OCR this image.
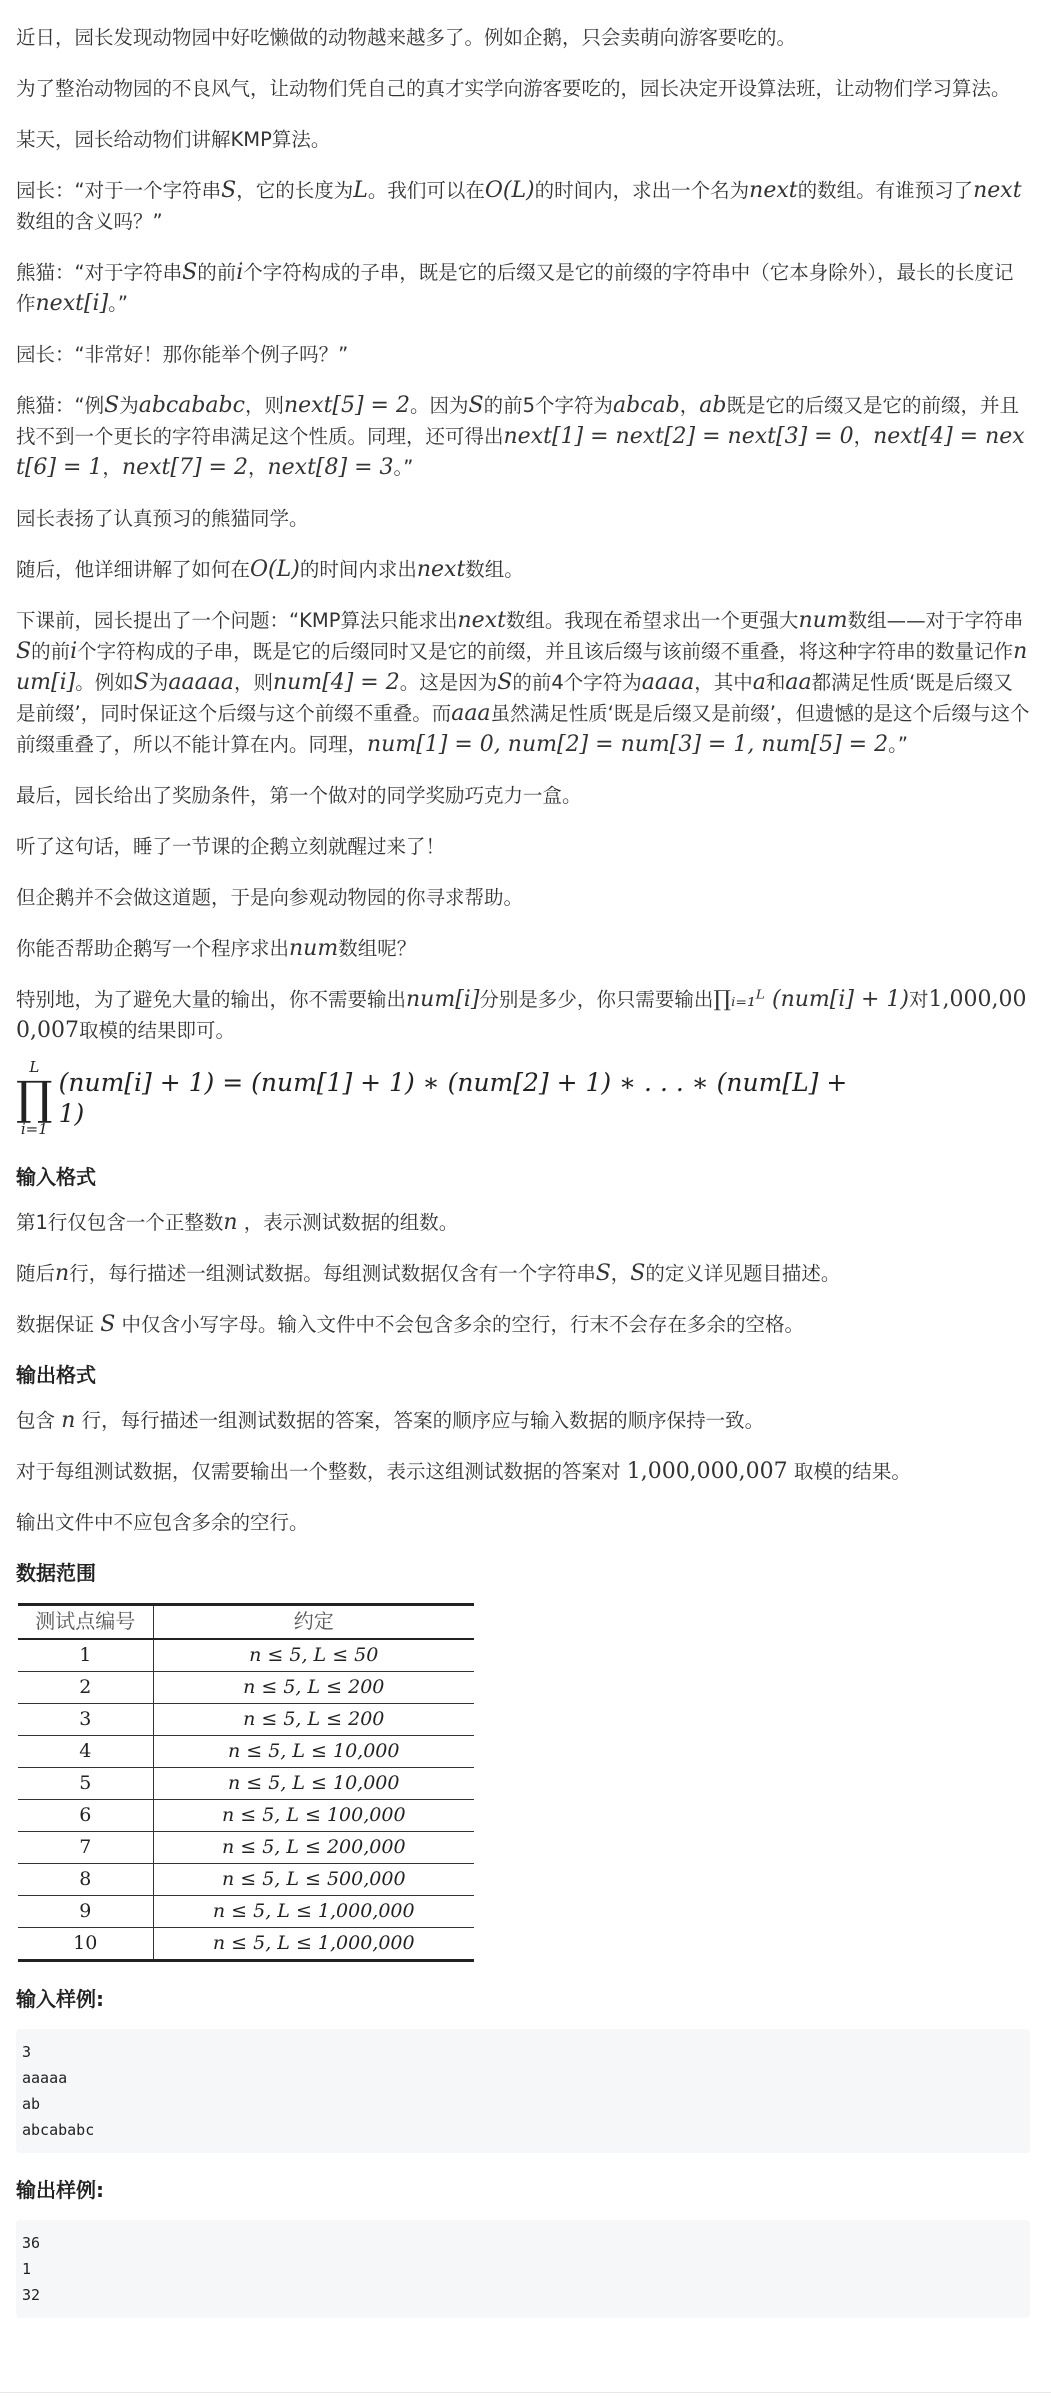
近日，园长发现动物园中好吃懒做的动物越来越多了。例如企鹅，只会卖萌向游客要吃的。

为了整治动物园的不良风气，让动物们凭自己的真才实学向游客要吃的，园长决定开设算法班，让动物们学习算法。

某天，园长给动物们讲解KMP算法。

园长：“对于一个字符串S，它的长度为L。我们可以在O(L)的时间内，求出一个名为next的数组。有谁预习了next数组的含义吗？”

熊猫：“对于字符串S的前i个字符构成的子串，既是它的后缀又是它的前缀的字符串中（它本身除外），最长的长度记作next[i]。”

园长：“非常好！那你能举个例子吗？”

熊猫：“例S为abcababc，则next[5] = 2。因为S的前5个字符为abcab，ab既是它的后缀又是它的前缀，并且找不到一个更长的字符串满足这个性质。同理，还可得出next[1] = next[2] = next[3] = 0，next[4] = next[6] = 1，next[7] = 2，next[8] = 3。”

园长表扬了认真预习的熊猫同学。

随后，他详细讲解了如何在O(L)的时间内求出next数组。

下课前，园长提出了一个问题：“KMP算法只能求出next数组。我现在希望求出一个更强大num数组——对于字符串S的前i个字符构成的子串，既是它的后缀同时又是它的前缀，并且该后缀与该前缀不重叠，将这种字符串的数量记作num[i]。例如S为aaaaa，则num[4] = 2。这是因为S的前4个字符为aaaa，其中a和aa都满足性质‘既是后缀又是前缀’，同时保证这个后缀与这个前缀不重叠。而aaa虽然满足性质‘既是后缀又是前缀’，但遗憾的是这个后缀与这个前缀重叠了，所以不能计算在内。同理，num[1] = 0, num[2] = num[3] = 1, num[5] = 2。”

最后，园长给出了奖励条件，第一个做对的同学奖励巧克力一盒。

听了这句话，睡了一节课的企鹅立刻就醒过来了！

但企鹅并不会做这道题，于是向参观动物园的你寻求帮助。

你能否帮助企鹅写一个程序求出num数组呢？

特别地，为了避免大量的输出，你不需要输出num[i]分别是多少，你只需要输出∏ᵢ₌₁ᴸ (num[i] + 1)对1,000,000,007取模的结果即可。

L
∏
i=1
(num[i] + 1) = (num[1] + 1) ∗ (num[2] + 1) ∗ . . . ∗ (num[L] + 1)
输入格式

第1行仅包含一个正整数n ，表示测试数据的组数。

随后n行，每行描述一组测试数据。每组测试数据仅含有一个字符串S，S的定义详见题目描述。

数据保证 S 中仅含小写字母。输入文件中不会包含多余的空行，行末不会存在多余的空格。

输出格式

包含 n 行，每行描述一组测试数据的答案，答案的顺序应与输入数据的顺序保持一致。

对于每组测试数据，仅需要输出一个整数，表示这组测试数据的答案对 1,000,000,007 取模的结果。

输出文件中不应包含多余的空行。

数据范围
测试点编号	约定
1	n ≤ 5, L ≤ 50
2	n ≤ 5, L ≤ 200
3	n ≤ 5, L ≤ 200
4	n ≤ 5, L ≤ 10,000
5	n ≤ 5, L ≤ 10,000
6	n ≤ 5, L ≤ 100,000
7	n ≤ 5, L ≤ 200,000
8	n ≤ 5, L ≤ 500,000
9	n ≤ 5, L ≤ 1,000,000
10	n ≤ 5, L ≤ 1,000,000
输入样例:
3
aaaaa
ab
abcababc
输出样例:
36
1
32
